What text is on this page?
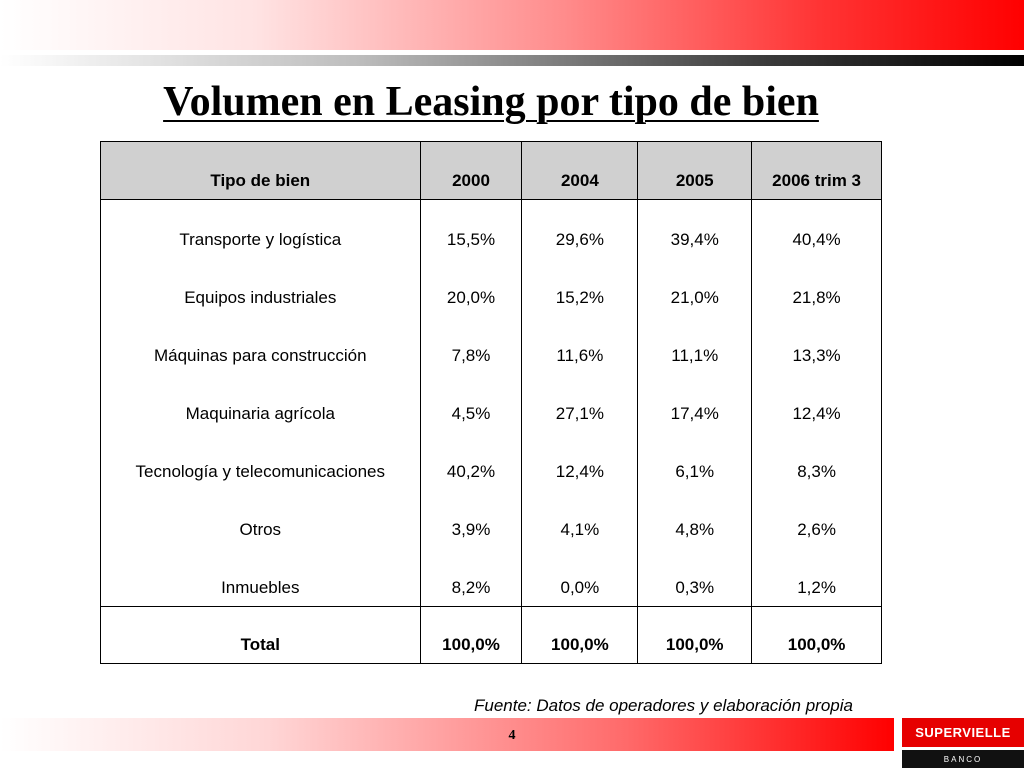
Volumen en Leasing por tipo de bien
Tipo de bien	2000	2004	2005	2006 trim 3
Transporte y logística	15,5%	29,6%	39,4%	40,4%
Equipos industriales	20,0%	15,2%	21,0%	21,8%
Máquinas para construcción	7,8%	11,6%	11,1%	13,3%
Maquinaria agrícola	4,5%	27,1%	17,4%	12,4%
Tecnología y telecomunicaciones	40,2%	12,4%	6,1%	8,3%
Otros	3,9%	4,1%	4,8%	2,6%
Inmuebles	8,2%	0,0%	0,3%	1,2%
Total	100,0%	100,0%	100,0%	100,0%
Fuente: Datos de operadores y elaboración propia
4	SUPERVIELLE
BANCO
